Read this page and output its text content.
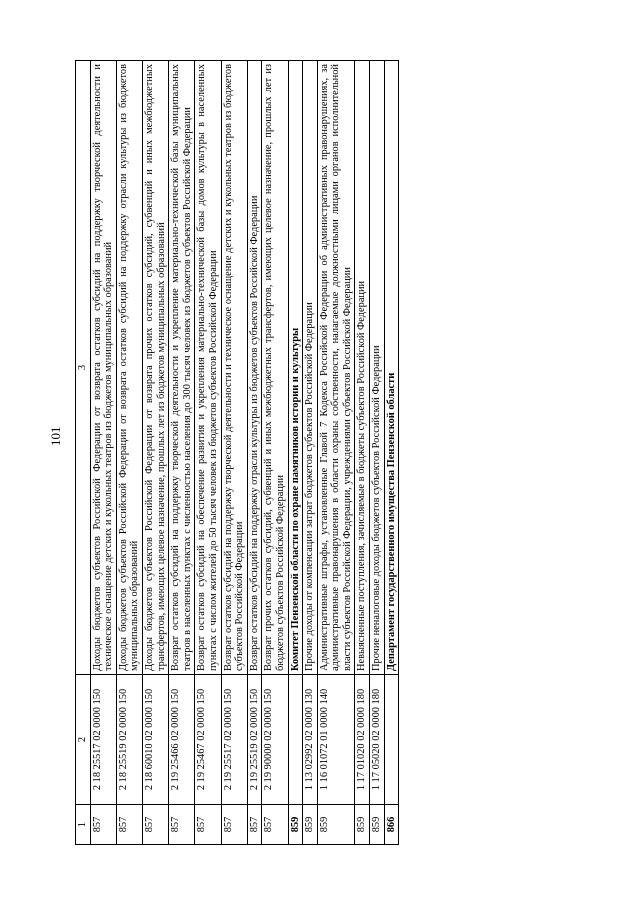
101
1	2	3
857	2 18 25517 02 0000 150	Доходы бюджетов субъектов Российской Федерации от возврата остатков субсидий на поддержку творческой деятельности и техническое оснащение детских и кукольных театров из бюджетов муниципальных образований
857	2 18 25519 02 0000 150	Доходы бюджетов субъектов Российской Федерации от возврата остатков субсидий на поддержку отрасли культуры из бюджетов муниципальных образований
857	2 18 60010 02 0000 150	Доходы бюджетов субъектов Российской Федерации от возврата прочих остатков субсидий, субвенций и иных межбюджетных трансфертов, имеющих целевое назначение, прошлых лет из бюджетов муниципальных образований
857	2 19 25466 02 0000 150	Возврат остатков субсидий на поддержку творческой деятельности и укрепление материально-технической базы муниципальных театров в населенных пунктах с численностью населения до 300 тысяч человек из бюджетов субъектов Российской Федерации
857	2 19 25467 02 0000 150	Возврат остатков субсидий на обеспечение развития и укрепления материально-технической базы домов культуры в населенных пунктах с числом жителей до 50 тысяч человек из бюджетов субъектов Российской Федерации
857	2 19 25517 02 0000 150	Возврат остатков субсидий на поддержку творческой деятельности и техническое оснащение детских и кукольных театров из бюджетов субъектов Российской Федерации
857	2 19 25519 02 0000 150	Возврат остатков субсидий на поддержку отрасли культуры из бюджетов субъектов Российской Федерации
857	2 19 90000 02 0000 150	Возврат прочих остатков субсидий, субвенций и иных межбюджетных трансфертов, имеющих целевое назначение, прошлых лет из бюджетов субъектов Российской Федерации
859		Комитет Пензенской области по охране памятников истории и культуры
859	1 13 02992 02 0000 130	Прочие доходы от компенсации затрат бюджетов субъектов Российской Федерации
859	1 16 01072 01 0000 140	Административные штрафы, установленные Главой 7 Кодекса Российской Федерации об административных правонарушениях, за административные правонарушения в области охраны собственности, налагаемые должностными лицами органов исполнительной власти субъектов Российской Федерации, учреждениями субъектов Российской Федерации
859	1 17 01020 02 0000 180	Невыясненные поступления, зачисляемые в бюджеты субъектов Российской Федерации
859	1 17 05020 02 0000 180	Прочие неналоговые доходы бюджетов субъектов Российской Федерации
866		Департамент государственного имущества Пензенской области
